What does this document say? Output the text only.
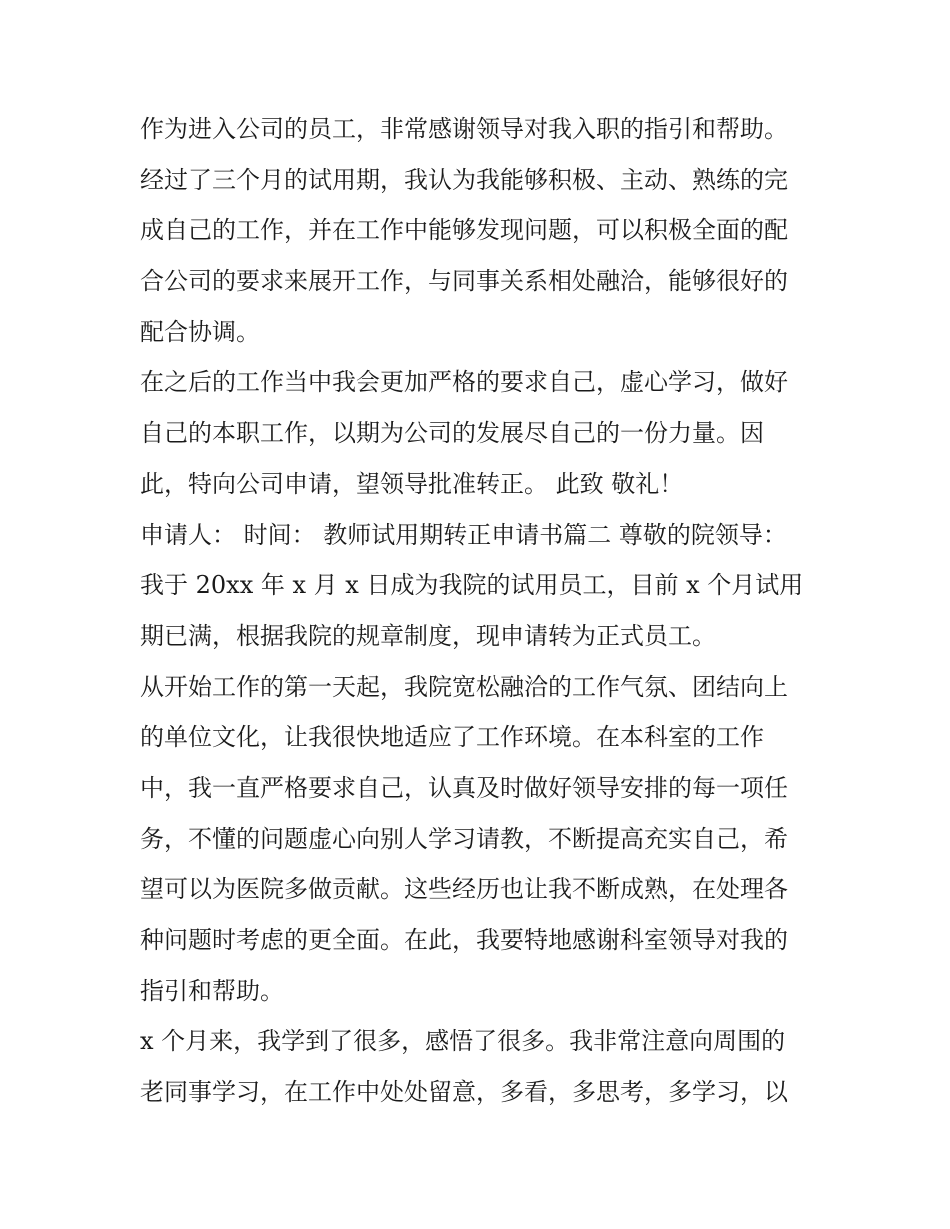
作为进入公司的员工，非常感谢领导对我入职的指引和帮助。
经过了三个月的试用期，我认为我能够积极、主动、熟练的完
成自己的工作，并在工作中能够发现问题，可以积极全面的配
合公司的要求来展开工作，与同事关系相处融洽，能够很好的
配合协调。
在之后的工作当中我会更加严格的要求自己，虚心学习，做好
自己的本职工作，以期为公司的发展尽自己的一份力量。因
此，特向公司申请，望领导批准转正。 此致 敬礼！
申请人： 时间： 教师试用期转正申请书篇二 尊敬的院领导：
我于 20xx 年 x 月 x 日成为我院的试用员工，目前 x 个月试用
期已满，根据我院的规章制度，现申请转为正式员工。
从开始工作的第一天起，我院宽松融洽的工作气氛、团结向上
的单位文化，让我很快地适应了工作环境。在本科室的工作
中，我一直严格要求自己，认真及时做好领导安排的每一项任
务，不懂的问题虚心向别人学习请教，不断提高充实自己，希
望可以为医院多做贡献。这些经历也让我不断成熟，在处理各
种问题时考虑的更全面。在此，我要特地感谢科室领导对我的
指引和帮助。
x 个月来，我学到了很多，感悟了很多。我非常注意向周围的
老同事学习，在工作中处处留意，多看，多思考，多学习，以
